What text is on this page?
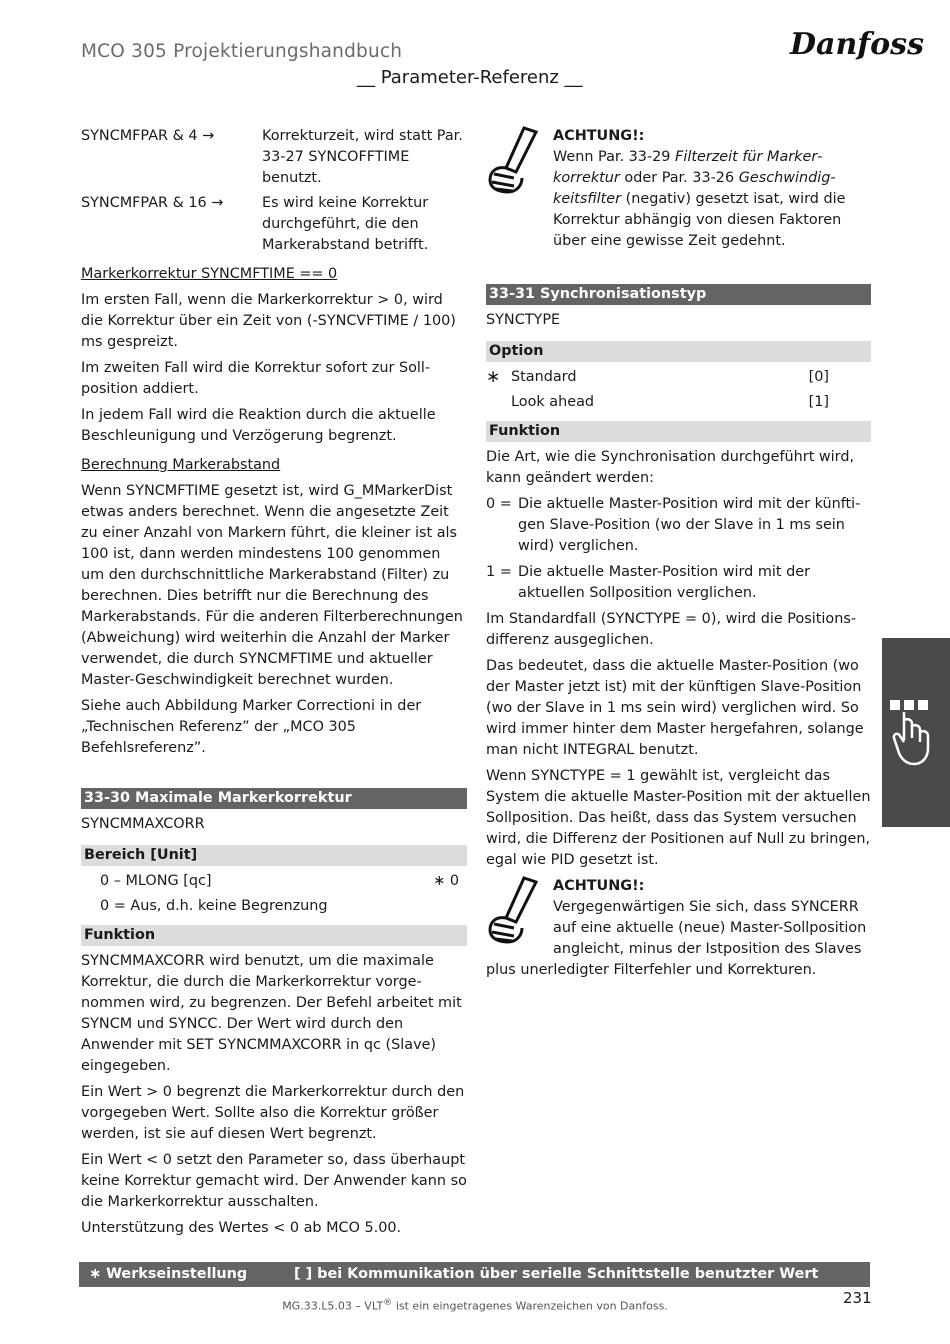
MCO 305 Projektierungshandbuch	Danfoss
__ Parameter-Referenz __
SYNCMFPAR & 4 →	Korrekturzeit, wird statt Par. 33-27 SYNCOFFTIME benutzt.
SYNCMFPAR & 16 →	Es wird keine Korrektur durchgeführt, die den Markerabstand betrifft.

Markerkorrektur SYNCMFTIME == 0

Im ersten Fall, wenn die Markerkorrektur > 0, wird die Korrektur über ein Zeit von (-SYNCVFTIME / 100) ms gespreizt.

Im zweiten Fall wird die Korrektur sofort zur Sollposition addiert.

In jedem Fall wird die Reaktion durch die aktuelle Beschleunigung und Verzögerung begrenzt.

Berechnung Markerabstand

Wenn SYNCMFTIME gesetzt ist, wird G_MMarkerDist etwas anders berechnet. Wenn die angesetzte Zeit zu einer Anzahl von Markern führt, die kleiner ist als 100 ist, dann werden mindestens 100 genommen um den durchschnittliche Markerabstand (Filter) zu berechnen. Dies betrifft nur die Berechnung des Markerabstands. Für die anderen Filterberechnungen (Abweichung) wird weiterhin die Anzahl der Marker verwendet, die durch SYNCMFTIME und aktueller Master-Geschwindigkeit berechnet wurden.

Siehe auch Abbildung Marker Correctioni in der „Technischen Referenz” der „MCO 305 Befehlsreferenz”.

33-30 Maximale Markerkorrektur

SYNCMMAXCORR

Bereich [Unit]
0 – MLONG [qc]	∗ 0
0 = Aus, d.h. keine Begrenzung
Funktion

SYNCMMAXCORR wird benutzt, um die maximale Korrektur, die durch die Markerkorrektur vorgenommen wird, zu begrenzen. Der Befehl arbeitet mit SYNCM und SYNCC. Der Wert wird durch den Anwender mit SET SYNCMMAXCORR in qc (Slave) eingegeben.

Ein Wert > 0 begrenzt die Markerkorrektur durch den vorgegeben Wert. Sollte also die Korrektur größer werden, ist sie auf diesen Wert begrenzt.

Ein Wert < 0 setzt den Parameter so, dass überhaupt keine Korrektur gemacht wird. Der Anwender kann so die Markerkorrektur ausschalten.

Unterstützung des Wertes < 0 ab MCO 5.00.

ACHTUNG!:

Wenn Par. 33-29 Filterzeit für Markerkorrektur oder Par. 33-26 Geschwindigkeitsfilter (negativ) gesetzt isat, wird die Korrektur abhängig von diesen Faktoren über eine gewisse Zeit gedehnt.

33-31 Synchronisationstyp

SYNCTYPE

Option
∗ Standard	[0]
Look ahead	[1]
Funktion

Die Art, wie die Synchronisation durchgeführt wird, kann geändert werden:

0 = Die aktuelle Master-Position wird mit der künftigen Slave-Position (wo der Slave in 1 ms sein wird) verglichen.
1 = Die aktuelle Master-Position wird mit der aktuellen Sollposition verglichen.

Im Standardfall (SYNCTYPE = 0), wird die Positionsdifferenz ausgeglichen.

Das bedeutet, dass die aktuelle Master-Position (wo der Master jetzt ist) mit der künftigen Slave-Position (wo der Slave in 1 ms sein wird) verglichen wird. So wird immer hinter dem Master hergefahren, solange man nicht INTEGRAL benutzt.

Wenn SYNCTYPE = 1 gewählt ist, vergleicht das System die aktuelle Master-Position mit der aktuellen Sollposition. Das heißt, dass das System versuchen wird, die Differenz der Positionen auf Null zu bringen, egal wie PID gesetzt ist.

ACHTUNG!:

Vergegenwärtigen Sie sich, dass SYNCERR auf eine aktuelle (neue) Master-Sollposition angleicht, minus der Istposition des Slaves

plus unerledigter Filterfehler und Korrekturen.

∗ Werkseinstellung	[ ] bei Kommunikation über serielle Schnittstelle benutzter Wert
MG.33.L5.03 – VLT® ist ein eingetragenes Warenzeichen von Danfoss.	231
